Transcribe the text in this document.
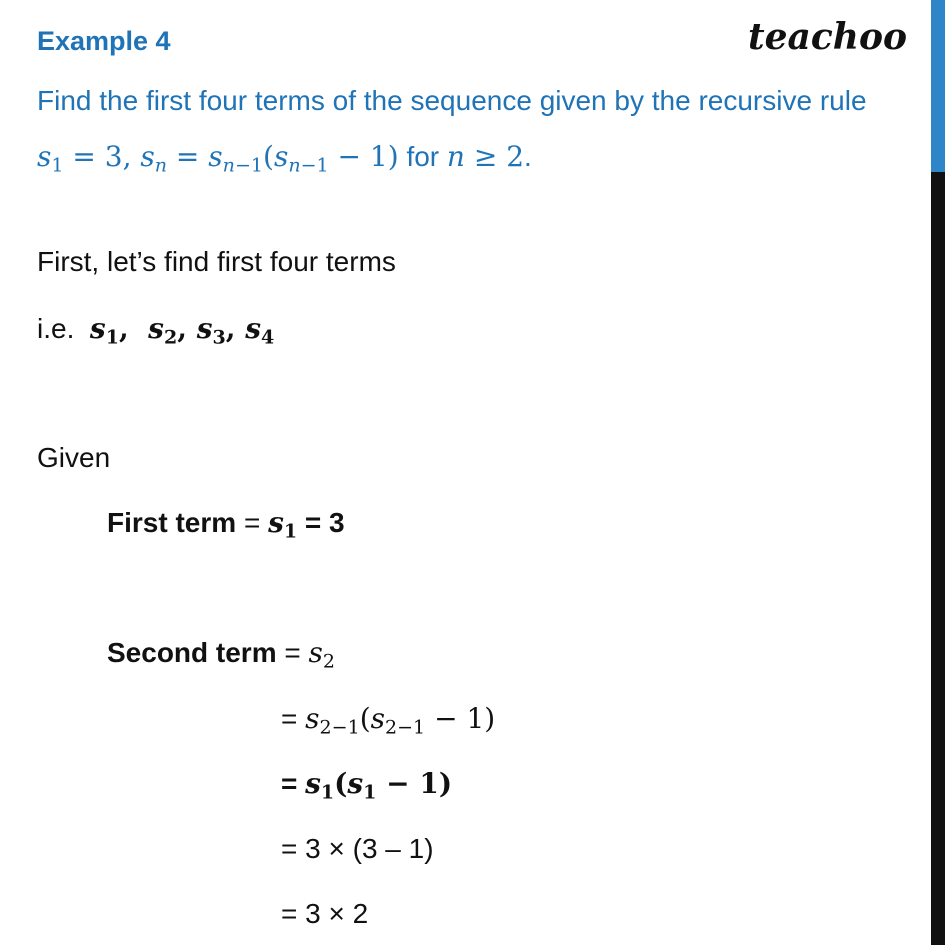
Example 4	teachoo
Find the first four terms of the sequence given by the recursive rule
$s_1 = 3$, $s_n = s_{n-1}(s_{n-1} - 1)$ for n ≥ 2.
First, let’s find first four terms
i.e. $s_1$,  $s_2$, $s_3$, $s_4$
Given
First term = $s_1 = 3$
Second term = $s_2$
= $s_{2-1}(s_{2-1} - 1)$
= $s_1(s_1 - 1)$
= 3 × (3 – 1)
= 3 × 2
